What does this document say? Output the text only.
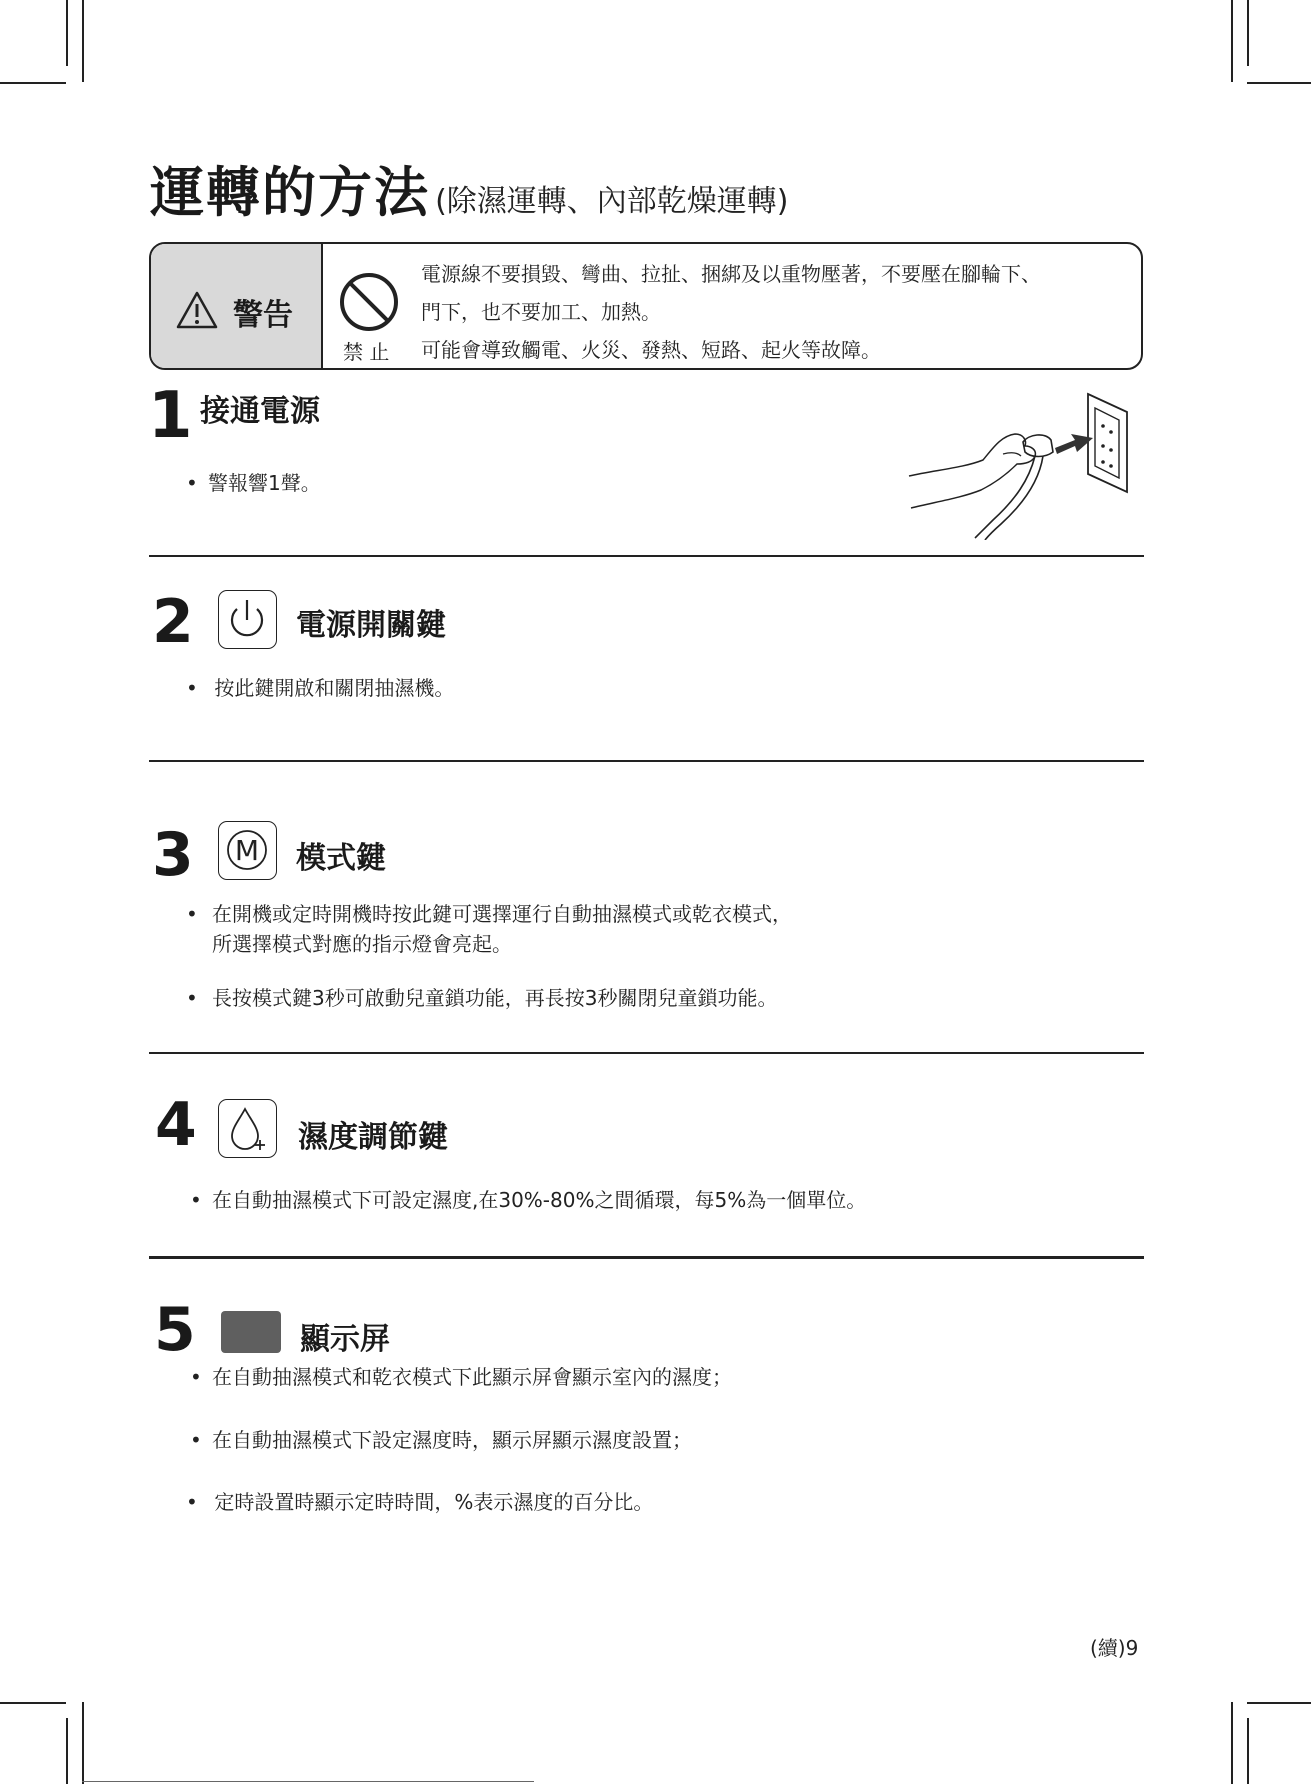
運轉的方法 (除濕運轉、內部乾燥運轉)
警告
禁 止
電源線不要損毀、彎曲、拉扯、捆綁及以重物壓著，不要壓在腳輪下、
門下，也不要加工、加熱。
可能會導致觸電、火災、發熱、短路、起火等故障。
1 接通電源
• 警報響1聲。
2	電源開關鍵
• 按此鍵開啟和關閉抽濕機。
3 M 模式鍵
• 在開機或定時開機時按此鍵可選擇運行自動抽濕模式或乾衣模式，
所選擇模式對應的指示燈會亮起。
• 長按模式鍵3秒可啟動兒童鎖功能，再長按3秒關閉兒童鎖功能。
4	濕度調節鍵
• 在自動抽濕模式下可設定濕度,在30%-80%之間循環，每5%為一個單位。
5	顯示屏
• 在自動抽濕模式和乾衣模式下此顯示屏會顯示室內的濕度；
• 在自動抽濕模式下設定濕度時，顯示屏顯示濕度設置；
• 定時設置時顯示定時時間，%表示濕度的百分比。
(續)9
